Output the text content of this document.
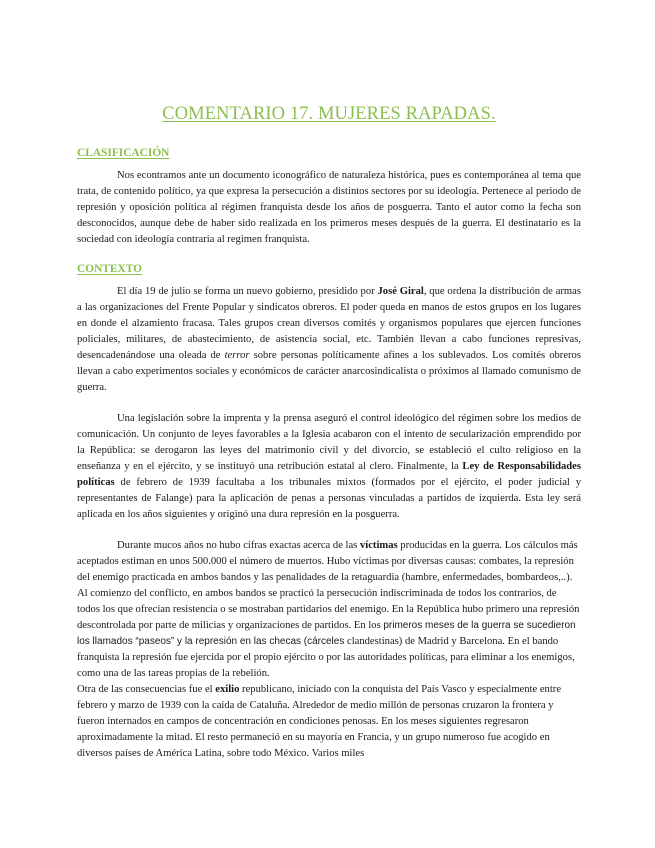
COMENTARIO 17. MUJERES RAPADAS.
CLASIFICACIÓN

Nos econtramos ante un documento iconográfico de naturaleza histórica, pues es contemporánea al tema que trata, de contenido político, ya que expresa la persecución a distintos sectores por su ideología. Pertenece al periodo de represión y oposición política al régimen franquista desde los años de posguerra. Tanto el autor como la fecha son desconocidos, aunque debe de haber sido realizada en los primeros meses después de la guerra. El destinatario es la sociedad con ideología contraria al regimen franquista.

CONTEXTO

El día 19 de julio se forma un nuevo gobierno, presidido por José Giral, que ordena la distribución de armas a las organizaciones del Frente Popular y sindicatos obreros. El poder queda en manos de estos grupos en los lugares en donde el alzamiento fracasa. Tales grupos crean diversos comités y organismos populares que ejercen funciones policiales, militares, de abastecimiento, de asistencia social, etc. También llevan a cabo funciones represivas, desencadenándose una oleada de terror sobre personas políticamente afines a los sublevados. Los comités obreros llevan a cabo experimentos sociales y económicos de carácter anarcosindicalista o próximos al llamado comunismo de guerra.

Una legislación sobre la imprenta y la prensa aseguró el control ideológico del régimen sobre los medios de comunicación. Un conjunto de leyes favorables a la Iglesia acabaron con el intento de secularización emprendido por la República: se derogaron las leyes del matrimonio civil y del divorcio, se estableció el culto religioso en la enseñanza y en el ejército, y se instituyó una retribución estatal al clero. Finalmente, la Ley de Responsabilidades políticas de febrero de 1939 facultaba a los tribunales mixtos (formados por el ejército, el poder judicial y representantes de Falange) para la aplicación de penas a personas vinculadas a partidos de izquierda. Esta ley será aplicada en los años siguientes y originó una dura represión en la posguerra.

Durante mucos años no hubo cifras exactas acerca de las víctimas producidas en la guerra. Los cálculos más aceptados estiman en unos 500.000 el número de muertos. Hubo víctimas por diversas causas: combates, la represión del enemigo practicada en ambos bandos y las penalidades de la retaguardia (hambre, enfermedades, bombardeos,..).

Al comienzo del conflicto, en ambos bandos se practicó la persecución indiscriminada de todos los contrarios, de todos los que ofrecían resistencia o se mostraban partidarios del enemigo. En la República hubo primero una represión descontrolada por parte de milicias y organizaciones de partidos. En los primeros meses de la guerra se sucedieron los llamados “paseos” y la represión en las checas (cárceles clandestinas) de Madrid y Barcelona. En el bando franquista la represión fue ejercida por el propio ejército o por las autoridades políticas, para eliminar a los enemigos, como una de las tareas propias de la rebelión.

Otra de las consecuencias fue el exilio republicano, iniciado con la conquista del País Vasco y especialmente entre febrero y marzo de 1939 con la caída de Cataluña. Alrededor de medio millón de personas cruzaron la frontera y fueron internados en campos de concentración en condiciones penosas. En los meses siguientes regresaron aproximadamente la mitad. El resto permaneció en su mayoría en Francia, y un grupo numeroso fue acogido en diversos países de América Latina, sobre todo México. Varios miles
